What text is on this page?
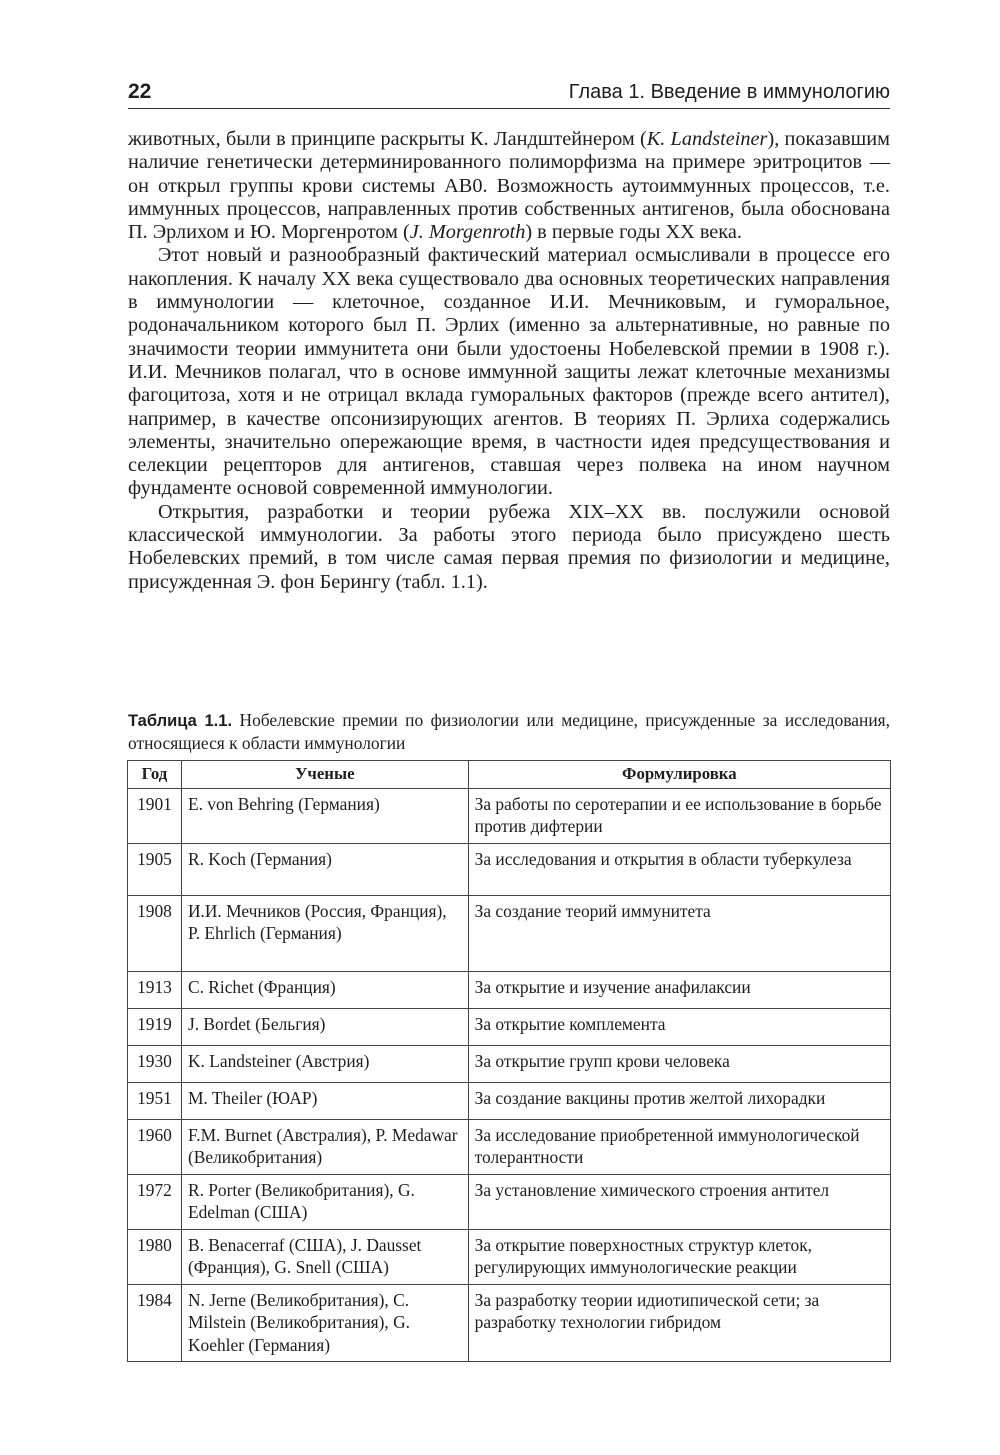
22	Глава 1. Введение в иммунологию

животных, были в принципе раскрыты К. Ландштейнером (K. Landsteiner), показавшим наличие генетически детерминированного полиморфизма на примере эритроцитов — он открыл группы крови системы АВ0. Возможность аутоиммунных процессов, т.е. иммунных процессов, направленных против собственных антигенов, была обоснована П. Эрлихом и Ю. Моргенротом (J. Morgenroth) в первые годы XX века.

Этот новый и разнообразный фактический материал осмысливали в процессе его накопления. К началу XX века существовало два основных теоретических направления в иммунологии — клеточное, созданное И.И. Мечниковым, и гуморальное, родоначальником которого был П. Эрлих (именно за альтернативные, но равные по значимости теории иммунитета они были удостоены Нобелевской премии в 1908 г.). И.И. Мечников полагал, что в основе иммунной защиты лежат клеточные механизмы фагоцитоза, хотя и не отрицал вклада гуморальных факторов (прежде всего антител), например, в качестве опсонизирующих агентов. В теориях П. Эрлиха содержались элементы, значительно опережающие время, в частности идея предсуществования и селекции рецепторов для антигенов, ставшая через полвека на ином научном фундаменте основой современной иммунологии.

Открытия, разработки и теории рубежа XIX–XX вв. послужили основой классической иммунологии. За работы этого периода было присуждено шесть Нобелевских премий, в том числе самая первая премия по физиологии и медицине, присужденная Э. фон Берингу (табл. 1.1).

Таблица 1.1. Нобелевские премии по физиологии или медицине, присужденные за исследования, относящиеся к области иммунологии
Год	Ученые	Формулировка
1901	E. von Behring (Германия)	За работы по серотерапии и ее использование в борьбе против дифтерии
1905	R. Koch (Германия)	За исследования и открытия в области туберкулеза
1908	И.И. Мечников (Россия, Франция), P. Ehrlich (Германия)	За создание теорий иммунитета
1913	C. Richet (Франция)	За открытие и изучение анафилаксии
1919	J. Bordet (Бельгия)	За открытие комплемента
1930	K. Landsteiner (Австрия)	За открытие групп крови человека
1951	M. Theiler (ЮАР)	За создание вакцины против желтой лихорадки
1960	F.M. Burnet (Австралия), P. Medawar (Великобритания)	За исследование приобретенной иммунологической толерантности
1972	R. Porter (Великобритания), G. Edelman (США)	За установление химического строения антител
1980	B. Benacerraf (США), J. Dausset (Франция), G. Snell (США)	За открытие поверхностных структур клеток, регулирующих иммунологические реакции
1984	N. Jerne (Великобритания), C. Milstein (Великобритания), G. Koehler (Германия)	За разработку теории идиотипической сети; за разработку технологии гибридом
